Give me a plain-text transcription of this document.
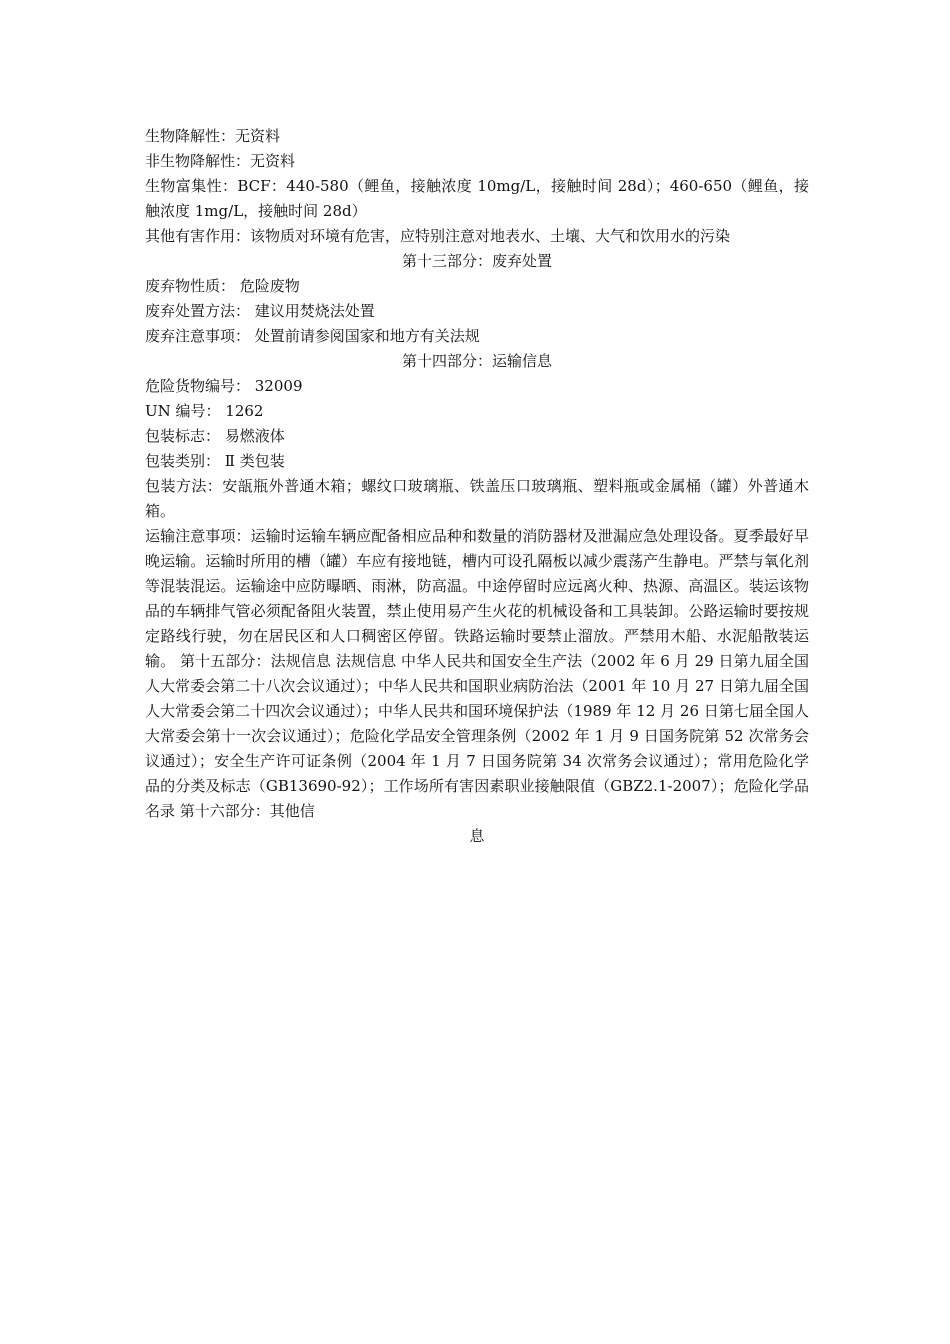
生物降解性：无资料

非生物降解性：无资料

生物富集性：BCF：440-580（鲤鱼，接触浓度 10mg/L，接触时间 28d）；460-650（鲤鱼，接触浓度 1mg/L，接触时间 28d）

其他有害作用：该物质对环境有危害，应特别注意对地表水、土壤、大气和饮用水的污染

第十三部分：废弃处置

废弃物性质： 危险废物

废弃处置方法： 建议用焚烧法处置

废弃注意事项： 处置前请参阅国家和地方有关法规

第十四部分：运输信息

危险货物编号： 32009

UN 编号： 1262

包装标志： 易燃液体

包装类别： Ⅱ 类包装

包装方法：安瓿瓶外普通木箱；螺纹口玻璃瓶、铁盖压口玻璃瓶、塑料瓶或金属桶（罐）外普通木箱。

运输注意事项：运输时运输车辆应配备相应品种和数量的消防器材及泄漏应急处理设备。夏季最好早晚运输。运输时所用的槽（罐）车应有接地链，槽内可设孔隔板以减少震荡产生静电。严禁与氧化剂等混装混运。运输途中应防曝晒、雨淋，防高温。中途停留时应远离火种、热源、高温区。装运该物品的车辆排气管必须配备阻火装置，禁止使用易产生火花的机械设备和工具装卸。公路运输时要按规定路线行驶，勿在居民区和人口稠密区停留。铁路运输时要禁止溜放。严禁用木船、水泥船散装运输。 第十五部分：法规信息 法规信息 中华人民共和国安全生产法（2002 年 6 月 29 日第九届全国人大常委会第二十八次会议通过）；中华人民共和国职业病防治法（2001 年 10 月 27 日第九届全国人大常委会第二十四次会议通过）；中华人民共和国环境保护法（1989 年 12 月 26 日第七届全国人大常委会第十一次会议通过）；危险化学品安全管理条例（2002 年 1 月 9 日国务院第 52 次常务会议通过）；安全生产许可证条例（2004 年 1 月 7 日国务院第 34 次常务会议通过）；常用危险化学品的分类及标志（GB13690-92）；工作场所有害因素职业接触限值（GBZ2.1-2007）；危险化学品名录 第十六部分：其他信

息
